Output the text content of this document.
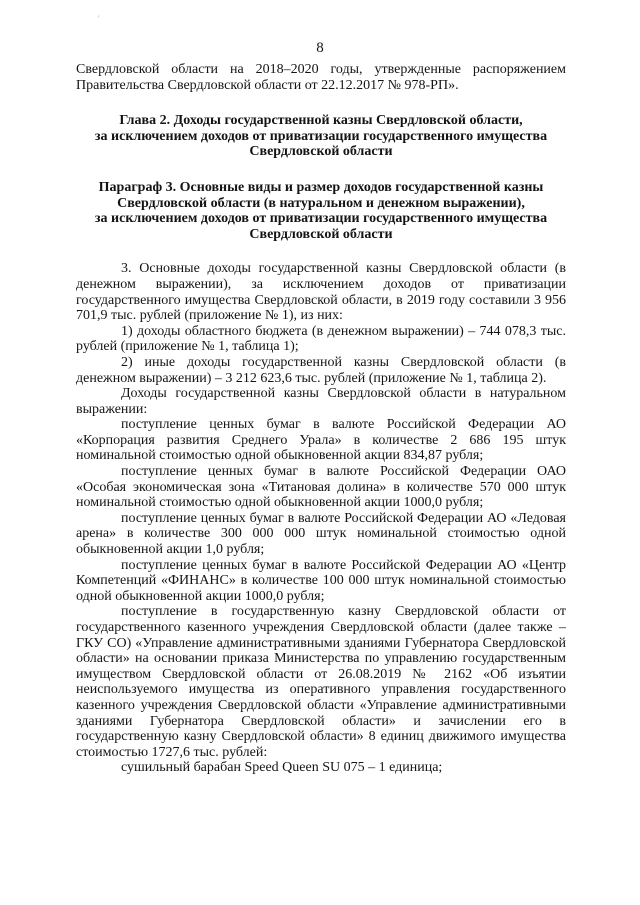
8

Свердловской области на 2018–2020 годы, утвержденные распоряжением Правительства Свердловской области от 22.12.2017 № 978-РП».

Глава 2. Доходы государственной казны Свердловской области,
за исключением доходов от приватизации государственного имущества
Свердловской области
Параграф 3. Основные виды и размер доходов государственной казны
Свердловской области (в натуральном и денежном выражении),
за исключением доходов от приватизации государственного имущества
Свердловской области

3. Основные доходы государственной казны Свердловской области (в денежном выражении), за исключением доходов от приватизации государственного имущества Свердловской области, в 2019 году составили 3 956 701,9 тыс. рублей (приложение № 1), из них:

1) доходы областного бюджета (в денежном выражении) – 744 078,3 тыс. рублей (приложение № 1, таблица 1);

2) иные доходы государственной казны Свердловской области (в денежном выражении) – 3 212 623,6 тыс. рублей (приложение № 1, таблица 2).

Доходы государственной казны Свердловской области в натуральном выражении:

поступление ценных бумаг в валюте Российской Федерации АО «Корпорация развития Среднего Урала» в количестве 2 686 195 штук номинальной стоимостью одной обыкновенной акции 834,87 рубля;

поступление ценных бумаг в валюте Российской Федерации ОАО «Особая экономическая зона «Титановая долина» в количестве 570 000 штук номинальной стоимостью одной обыкновенной акции 1000,0 рубля;

поступление ценных бумаг в валюте Российской Федерации АО «Ледовая арена» в количестве 300 000 000 штук номинальной стоимостью одной обыкновенной акции 1,0 рубля;

поступление ценных бумаг в валюте Российской Федерации АО «Центр Компетенций «ФИНАНС» в количестве 100 000 штук номинальной стоимостью одной обыкновенной акции 1000,0 рубля;

поступление в государственную казну Свердловской области от государственного казенного учреждения Свердловской области (далее также – ГКУ СО) «Управление административными зданиями Губернатора Свердловской области» на основании приказа Министерства по управлению государственным имуществом Свердловской области от 26.08.2019 № 2162 «Об изъятии неиспользуемого имущества из оперативного управления государственного казенного учреждения Свердловской области «Управление административными зданиями Губернатора Свердловской области» и зачислении его в государственную казну Свердловской области» 8 единиц движимого имущества стоимостью 1727,6 тыс. рублей:

сушильный барабан Speed Queen SU 075 – 1 единица;

'
